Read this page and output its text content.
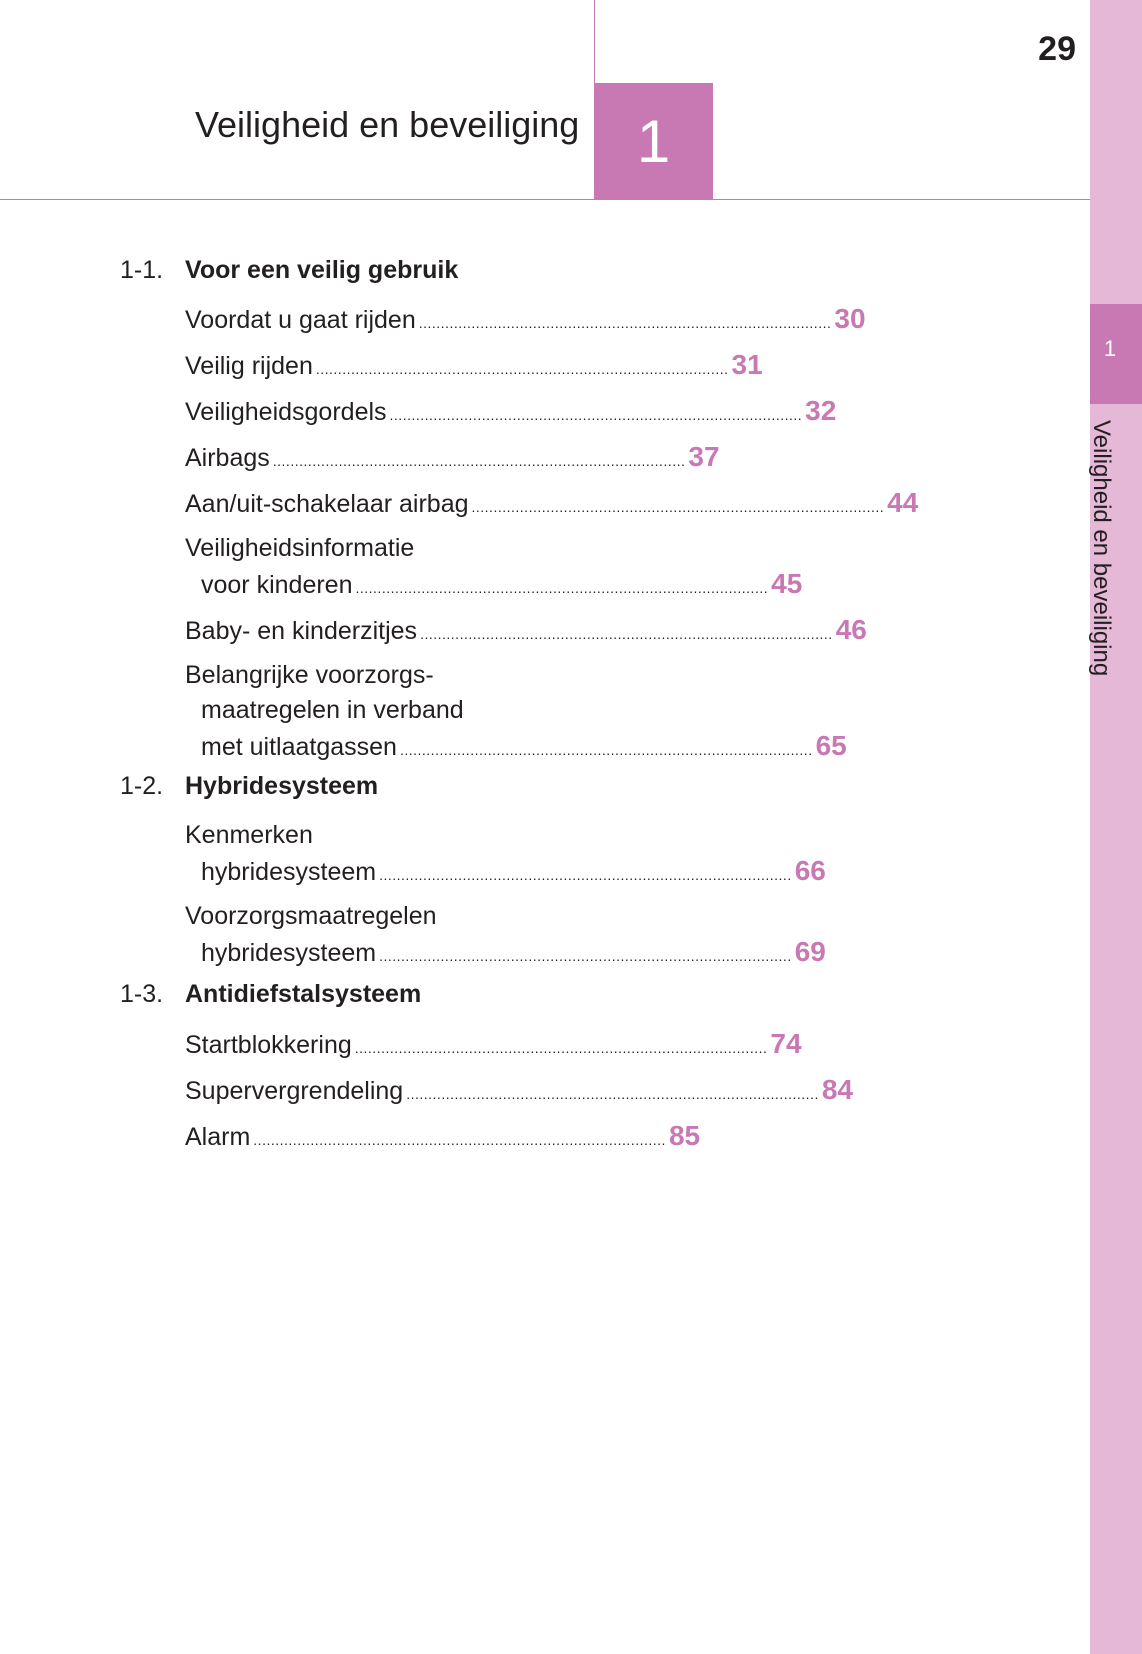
1
Veiligheid en beveiliging
29
1
Veiligheid en beveiliging
1-1. Voor een veilig gebruik
Voordat u gaat rijden .............................................................................................. 30
Veilig rijden .............................................................................................. 31
Veiligheidsgordels .............................................................................................. 32
Airbags .............................................................................................. 37
Aan/uit-schakelaar airbag .............................................................................................. 44
Veiligheidsinformatie
voor kinderen .............................................................................................. 45
Baby- en kinderzitjes .............................................................................................. 46
Belangrijke voorzorgs-
maatregelen in verband
met uitlaatgassen .............................................................................................. 65
1-2. Hybridesysteem
Kenmerken
hybridesysteem .............................................................................................. 66
Voorzorgsmaatregelen
hybridesysteem .............................................................................................. 69
1-3. Antidiefstalsysteem
Startblokkering .............................................................................................. 74
Supervergrendeling .............................................................................................. 84
Alarm .............................................................................................. 85
